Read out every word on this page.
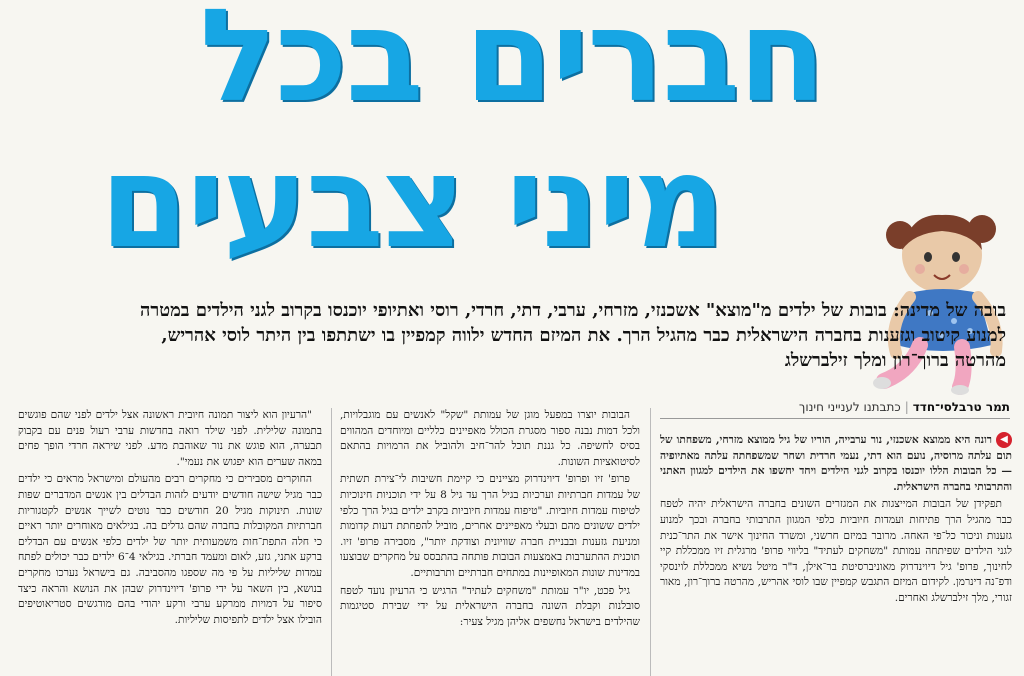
חברים בכל
מיני צבעים
בובה של מדינה: בובות של ילדים מ"מוצא" אשכנזי, מזרחי, ערבי, דתי, חרדי, רוסי ואתיופי יוכנסו בקרוב לגני הילדים במטרה למנוע קיטוב וגזענות בחברה הישראלית כבר מהגיל הרך. את המיזם החדש ילווה קמפיין בו ישתתפו בין היתר לוסי אהריש, מהרטה ברוך־רון ומלך זילברשלג
תמר טרבלסי־חדד|כתבתנו לענייני חינוך

◀רונה היא ממוצא אשכנזי, נור ערבייה, הוריו של גיל ממוצא מזרחי, משפחתו של תום עלתה מרוסיה, נועם הוא דתי, נעמי חרדית ושחר שמשפחתה עלתה מאתיופיה — כל הבובות הללו יוכנסו בקרוב לגני הילדים ויחד יחשפו את הילדים למגוון האתני והתרבותי בחברה הישראלית.

תפקידן של הבובות המייצגות את המגזרים השונים בחברה הישראלית יהיה לטפח כבר מהגיל הרך פתיחות ועמדות חיוביות כלפי המגוון התרבותי בחברה ובכך למנוע גזענות וניכור כל־פי האחה. מרובר במיזם חרשני, ומשרד החינוך אישר את התר־כנית לגני הילדים שפיתחה עמותת "משחקים לעתיד" בליווי פרופ' מרגלית זיו ממכללת קיי לחינוך, פרופ' גיל דיוינדרוק מאוניברסיטת בר־אילן, ד"ר מיטל נשיא ממכללת לוינסקי ודפ־נה דינרמן. לקידום המיזם התגבש קמפיין שבו לוסי אהריש, מהרטה ברוך־רון, מאור זגורי, מלך זילברשלג ואחרים.

הבובות יוצרו במפעל מוגן של עמותת "שקל" לאנשים עם מוגבלויות, ולכל דמות נבנה ספור מסגרת הכולל מאפיינים כלליים ומיוחדים המהווים בסיס לחשיפה. כל גננת תוכל להר־חיב ולהוביל את הרמויות בהתאם לסיטואציות השונות.

פרופ' זיו ופרופ' דיוינדרוק מציינים כי קיימת חשיבות לי־צירת תשתית של עמדות חברתיות וערכיות בגיל הרך עד גיל 8 על ידי תוכניות חינוכיות לטיפוח עמדות חיוביות. "טיפוח עמדות חיוביות בקרב ילדים בגיל הרך כלפי ילדים ששונים מהם ובעלי מאפיינים אחרים, מוביל להפחתת דעות קדומות ומניעת גזענות ובבניית חברה שוויונית וצודקת יותר", מסבירה פרופ' זיו. תוכנית ההתערבות באמצעות הבובות פותחה בהתבסס על מחקרים שבוצעו במדינות שונות המאופיינות במתחים חברתיים ותרבותיים.

גיל פכט, יו"ר עמותת "משחקים לעתיד" הרגיש כי הרעיון נועד לטפח סובלנות וקבלת השונה בחברה הישראלית על ידי שבירת סטיגמות שהילדים בישראל נחשפים אליהן מגיל צעיר:

"הרעיון הוא ליצור תמונה חיובית ראשונה אצל ילדים לפני שהם פוגשים בתמונה שלילית. לפני שילד רואה בחדשות ערבי רעול פנים עם בקבוק תבערה, הוא פוגש את נור שאוהבת מדע. לפני שיראה חרדי הופך פחים במאה שערים הוא יפגוש את נעמי".

החוקרים מסבירים כי מחקרים רבים מהעולם ומישראל מראים כי ילדים כבר מגיל שישה חודשים יודעים לזהות הבדלים בין אנשים המדברים שפות שונות. תינוקות מגיל 20 חודשים כבר נוטים לשייך אנשים לקטגוריות חברתיות המקובלות בחברה שהם גדלים בה. בגילאים מאוחרים יותר ראיים כי חלה התפת־חות משמעותית יותר של ילדים כלפי אנשים עם הבדלים ברקע אתני, גזע, לאום ומעמד חברתי. בגילאי 4־6 ילדים כבר יכולים לפתח עמדות שליליות על פי מה שספגו מהסביבה. גם בישראל נערכו מחקרים בנושא, בין השאר על ידי פרופ' דיוינדרוק שבהן את הנושא והראה כיצד סיפור על דמויות ממרקע ערבי ורקע יהודי בהם מודגשים סטריאוטיפים הובילו אצל ילדים לתפיסות שליליות.
